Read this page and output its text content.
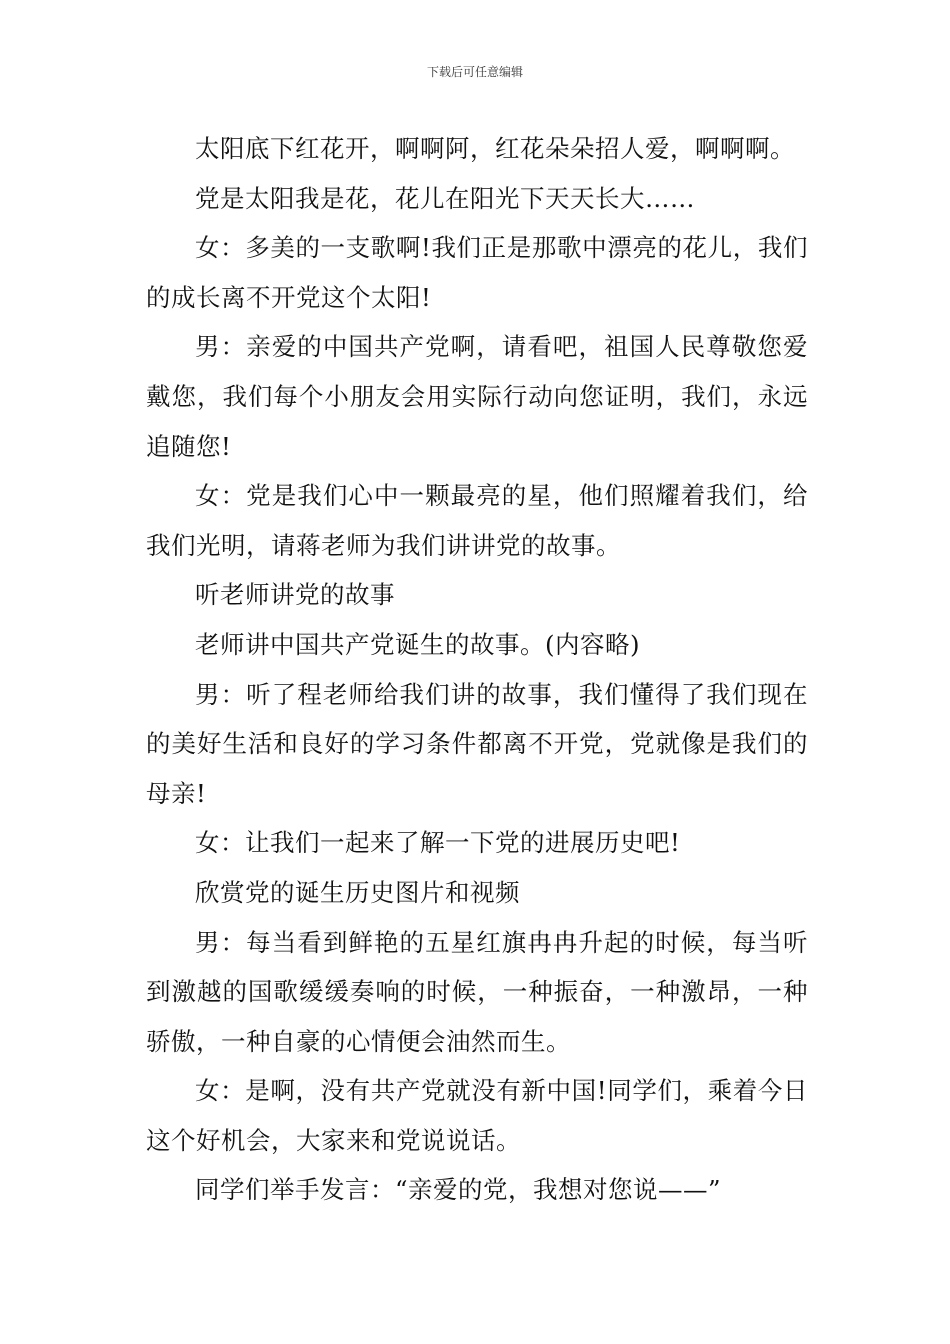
下载后可任意编辑

太阳底下红花开，啊啊阿，红花朵朵招人爱，啊啊啊。

党是太阳我是花，花儿在阳光下天天长大……

女：多美的一支歌啊!我们正是那歌中漂亮的花儿，我们的成长离不开党这个太阳!

男：亲爱的中国共产党啊，请看吧，祖国人民尊敬您爱戴您，我们每个小朋友会用实际行动向您证明，我们，永远追随您!

女：党是我们心中一颗最亮的星，他们照耀着我们，给我们光明，请蒋老师为我们讲讲党的故事。

听老师讲党的故事

老师讲中国共产党诞生的故事。(内容略)

男：听了程老师给我们讲的故事，我们懂得了我们现在的美好生活和良好的学习条件都离不开党，党就像是我们的母亲!

女：让我们一起来了解一下党的进展历史吧!

欣赏党的诞生历史图片和视频

男：每当看到鲜艳的五星红旗冉冉升起的时候，每当听到激越的国歌缓缓奏响的时候，一种振奋，一种激昂，一种骄傲，一种自豪的心情便会油然而生。

女：是啊，没有共产党就没有新中国!同学们，乘着今日这个好机会，大家来和党说说话。

同学们举手发言：“亲爱的党，我想对您说——”
